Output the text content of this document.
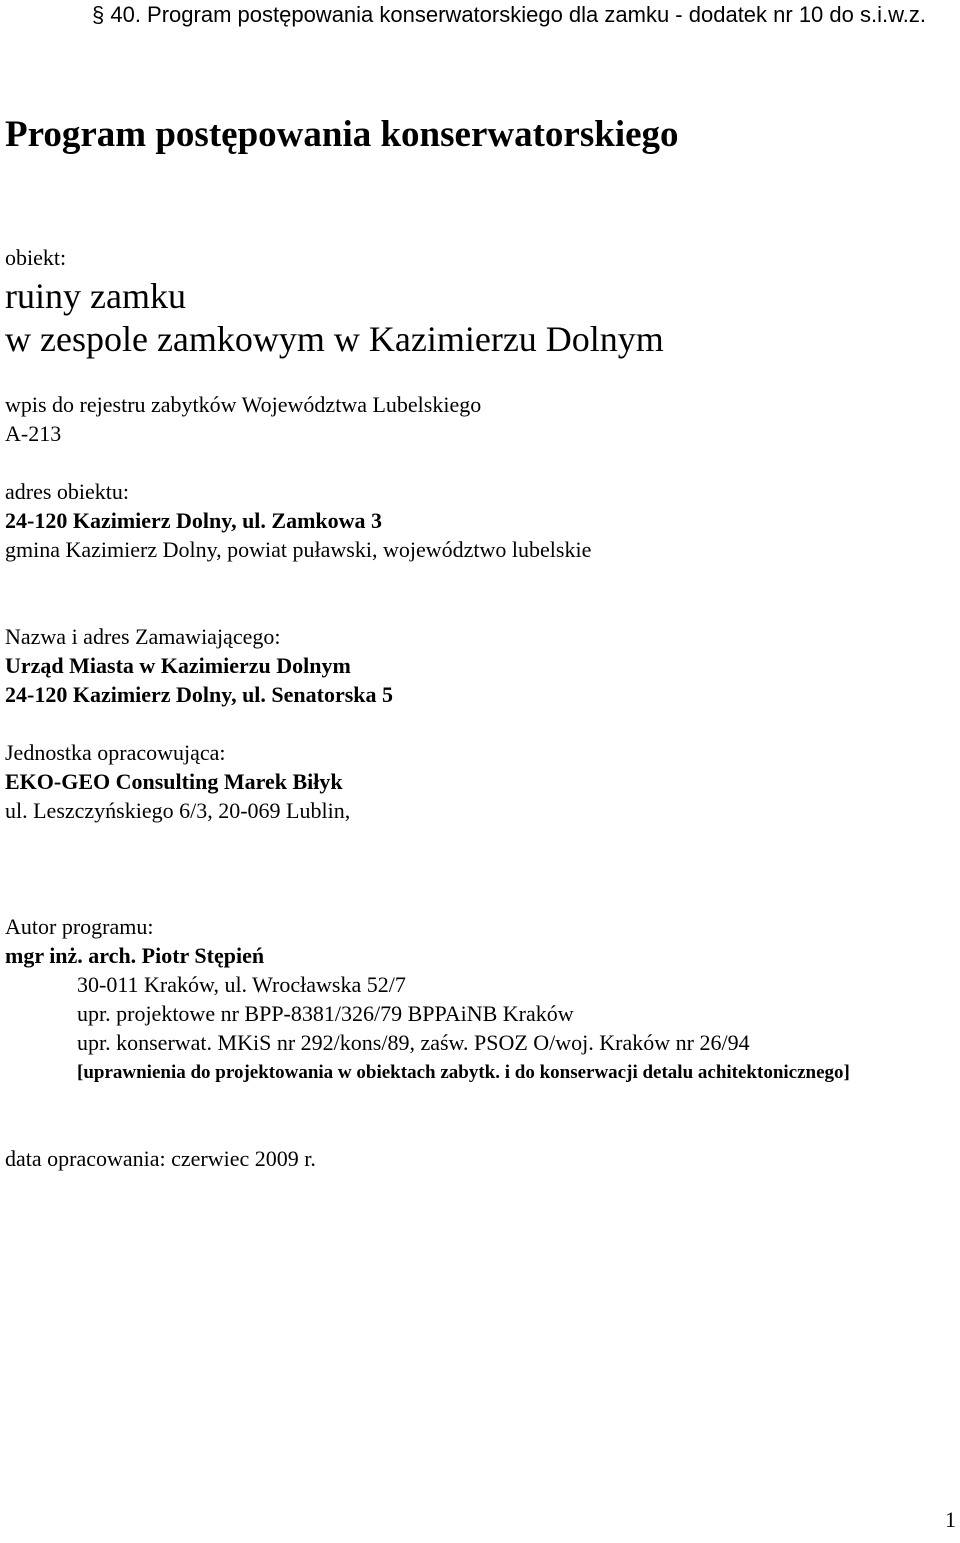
§ 40. Program postępowania konserwatorskiego dla zamku - dodatek nr 10 do s.i.w.z.
Program postępowania konserwatorskiego
obiekt:
ruiny zamku
w zespole zamkowym w Kazimierzu Dolnym
wpis do rejestru zabytków Województwa Lubelskiego
A-213
adres obiektu:
24-120 Kazimierz Dolny, ul. Zamkowa 3
gmina Kazimierz Dolny, powiat puławski, województwo lubelskie
Nazwa i adres Zamawiającego:
Urząd Miasta w Kazimierzu Dolnym
24-120 Kazimierz Dolny, ul. Senatorska 5
Jednostka opracowująca:
EKO-GEO Consulting Marek Biłyk
ul. Leszczyńskiego 6/3, 20-069 Lublin,
Autor programu:
mgr inż. arch. Piotr Stępień
30-011 Kraków, ul. Wrocławska 52/7
upr. projektowe nr BPP-8381/326/79 BPPAiNB Kraków
upr. konserwat. MKiS nr 292/kons/89, zaśw. PSOZ O/woj. Kraków nr 26/94
[uprawnienia do projektowania w obiektach zabytk. i do konserwacji detalu achitektonicznego]
data opracowania: czerwiec 2009 r.
1
